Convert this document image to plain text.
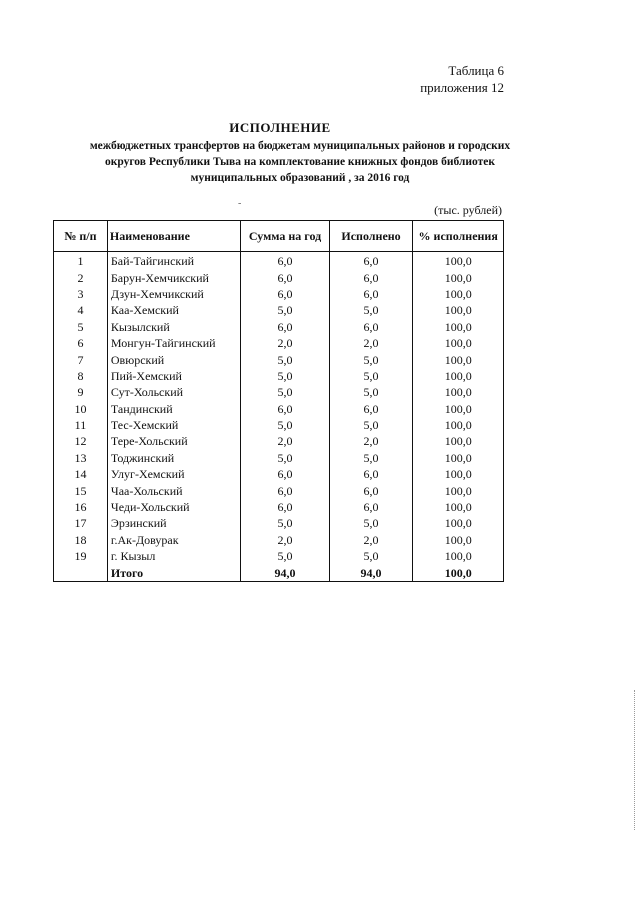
Таблица 6
приложения 12
ИСПОЛНЕНИЕ
межбюджетных трансфертов на бюджетам муниципальных районов и городских
округов Республики Тыва на комплектование книжных фондов библиотек
муниципальных образований , за 2016 год
-	(тыс. рублей)
№ п/п	Наименование	Сумма на год	Исполнено	% исполнения
1	Бай-Тайгинский	6,0	6,0	100,0
2	Барун-Хемчикский	6,0	6,0	100,0
3	Дзун-Хемчикский	6,0	6,0	100,0
4	Каа-Хемский	5,0	5,0	100,0
5	Кызылский	6,0	6,0	100,0
6	Монгун-Тайгинский	2,0	2,0	100,0
7	Овюрский	5,0	5,0	100,0
8	Пий-Хемский	5,0	5,0	100,0
9	Сут-Хольский	5,0	5,0	100,0
10	Тандинский	6,0	6,0	100,0
11	Тес-Хемский	5,0	5,0	100,0
12	Тере-Хольский	2,0	2,0	100,0
13	Тоджинский	5,0	5,0	100,0
14	Улуг-Хемский	6,0	6,0	100,0
15	Чаа-Хольский	6,0	6,0	100,0
16	Чеди-Хольский	6,0	6,0	100,0
17	Эрзинский	5,0	5,0	100,0
18	г.Ак-Довурак	2,0	2,0	100,0
19	г. Кызыл	5,0	5,0	100,0
	Итого	94,0	94,0	100,0
